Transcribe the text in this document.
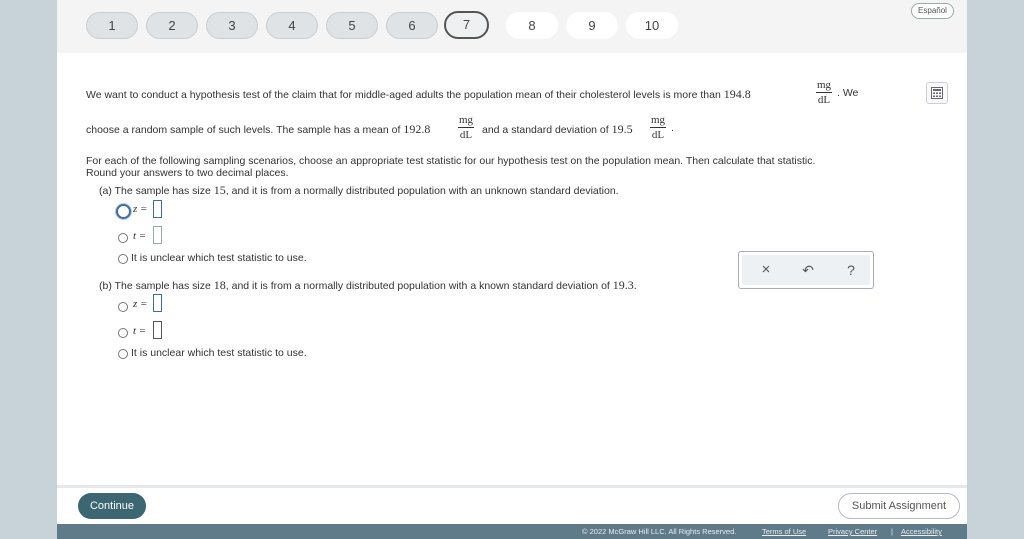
1	2	3	4	5	6	7	8	9	10
Español
We want to conduct a hypothesis test of the claim that for middle-aged adults the population mean of their cholesterol levels is more than 194.8	$\frac{mg}{dL}$ . We
choose a random sample of such levels. The sample has a mean of 192.8	$\frac{mg}{dL}$ and a standard deviation of $19.5 \frac{mg}{dL}$ .
For each of the following sampling scenarios, choose an appropriate test statistic for our hypothesis test on the population mean. Then calculate that statistic.
Round your answers to two decimal places.
(a) The sample has size 15, and it is from a normally distributed population with an unknown standard deviation.
z =
t =
It is unclear which test statistic to use.
(b) The sample has size 18, and it is from a normally distributed population with a known standard deviation of 19.3.
z =
t =
It is unclear which test statistic to use.
×	↶	?
Continue	Submit Assignment
© 2022 McGraw Hill LLC. All Rights Reserved.	Terms of Use	Privacy Center | Accessibility
